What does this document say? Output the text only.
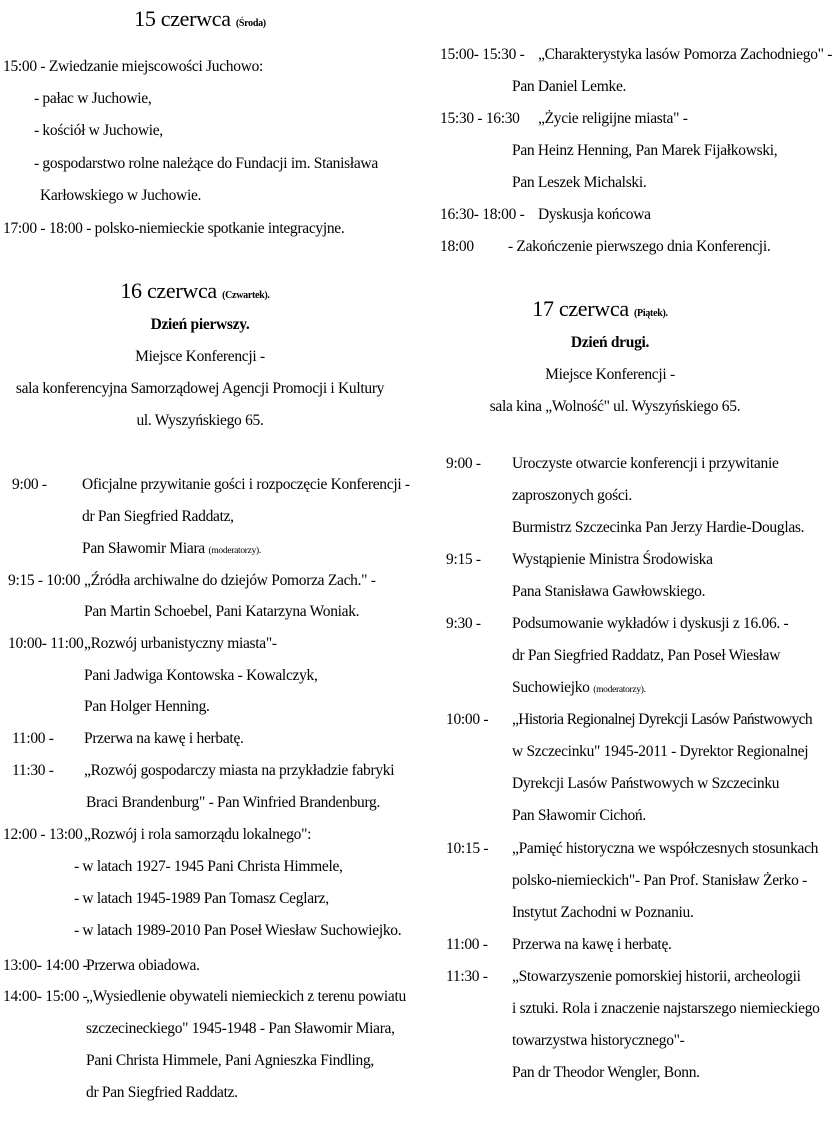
15 czerwca (Środa)
15:00 - Zwiedzanie miejscowości Juchowo:
- pałac w Juchowie,
- kościół w Juchowie,
- gospodarstwo rolne należące do Fundacji im. Stanisława
Karłowskiego w Juchowie.
17:00 - 18:00 - polsko-niemieckie spotkanie integracyjne.
16 czerwca (Czwartek).
Dzień pierwszy.
Miejsce Konferencji -
sala konferencyjna Samorządowej Agencji Promocji i Kultury
ul. Wyszyńskiego 65.
9:00 - Oficjalne przywitanie gości i rozpoczęcie Konferencji -
dr Pan Siegfried Raddatz,
Pan Sławomir Miara (moderatorzy).
9:15 - 10:00 „Źródła archiwalne do dziejów Pomorza Zach." -
Pan Martin Schoebel, Pani Katarzyna Woniak.
10:00- 11:00 „Rozwój urbanistyczny miasta"-
Pani Jadwiga Kontowska - Kowalczyk,
Pan Holger Henning.
11:00 - Przerwa na kawę i herbatę.
11:30 - „Rozwój gospodarczy miasta na przykładzie fabryki
Braci Brandenburg" - Pan Winfried Brandenburg.
12:00 - 13:00 „Rozwój i rola samorządu lokalnego":
- w latach 1927- 1945 Pani Christa Himmele,
- w latach 1945-1989 Pan Tomasz Ceglarz,
- w latach 1989-2010 Pan Poseł Wiesław Suchowiejko.
13:00- 14:00 -
Przerwa obiadowa.
14:00- 15:00 -
„Wysiedlenie obywateli niemieckich z terenu powiatu
szczecineckiego" 1945-1948 - Pan Sławomir Miara,
Pani Christa Himmele, Pani Agnieszka Findling,
dr Pan Siegfried Raddatz.
15:00- 15:30 - „Charakterystyka lasów Pomorza Zachodniego" -
Pan Daniel Lemke.
15:30 - 16:30 „Życie religijne miasta" -
Pan Heinz Henning, Pan Marek Fijałkowski,
Pan Leszek Michalski.
16:30- 18:00 - Dyskusja końcowa
18:00 - Zakończenie pierwszego dnia Konferencji.
17 czerwca (Piątek).
Dzień drugi.
Miejsce Konferencji -
sala kina „Wolność" ul. Wyszyńskiego 65.
9:00 - Uroczyste otwarcie konferencji i przywitanie
zaproszonych gości.
Burmistrz Szczecinka Pan Jerzy Hardie-Douglas.
9:15 - Wystąpienie Ministra Środowiska
Pana Stanisława Gawłowskiego.
9:30 - Podsumowanie wykładów i dyskusji z 16.06. -
dr Pan Siegfried Raddatz, Pan Poseł Wiesław
Suchowiejko (moderatorzy).
10:00 - „Historia Regionalnej Dyrekcji Lasów Państwowych
w Szczecinku" 1945-2011 - Dyrektor Regionalnej
Dyrekcji Lasów Państwowych w Szczecinku
Pan Sławomir Cichoń.
10:15 - „Pamięć historyczna we współczesnych stosunkach
polsko-niemieckich"- Pan Prof. Stanisław Żerko -
Instytut Zachodni w Poznaniu.
11:00 - Przerwa na kawę i herbatę.
11:30 - „Stowarzyszenie pomorskiej historii, archeologii
i sztuki. Rola i znaczenie najstarszego niemieckiego
towarzystwa historycznego"-
Pan dr Theodor Wengler, Bonn.
